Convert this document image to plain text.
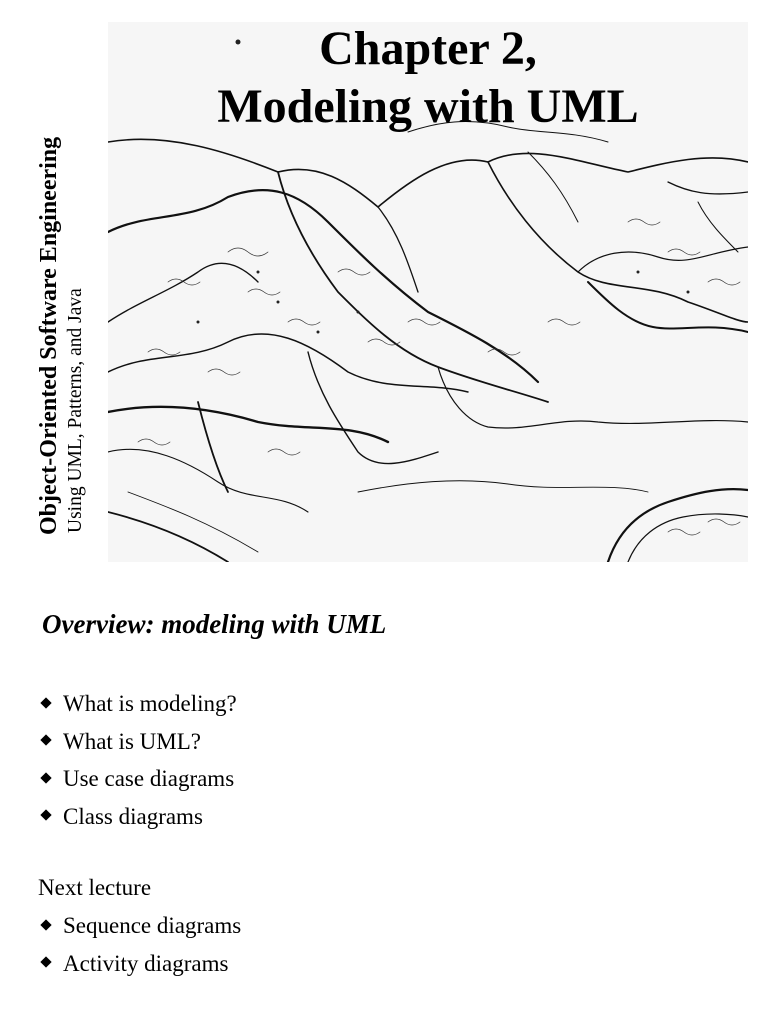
Object-Oriented Software Engineering Using UML, Patterns, and Java
Chapter 2,
Modeling with UML
Overview: modeling with UML
What is modeling?
What is UML?
Use case diagrams
Class diagrams
Next lecture
Sequence diagrams
Activity diagrams
